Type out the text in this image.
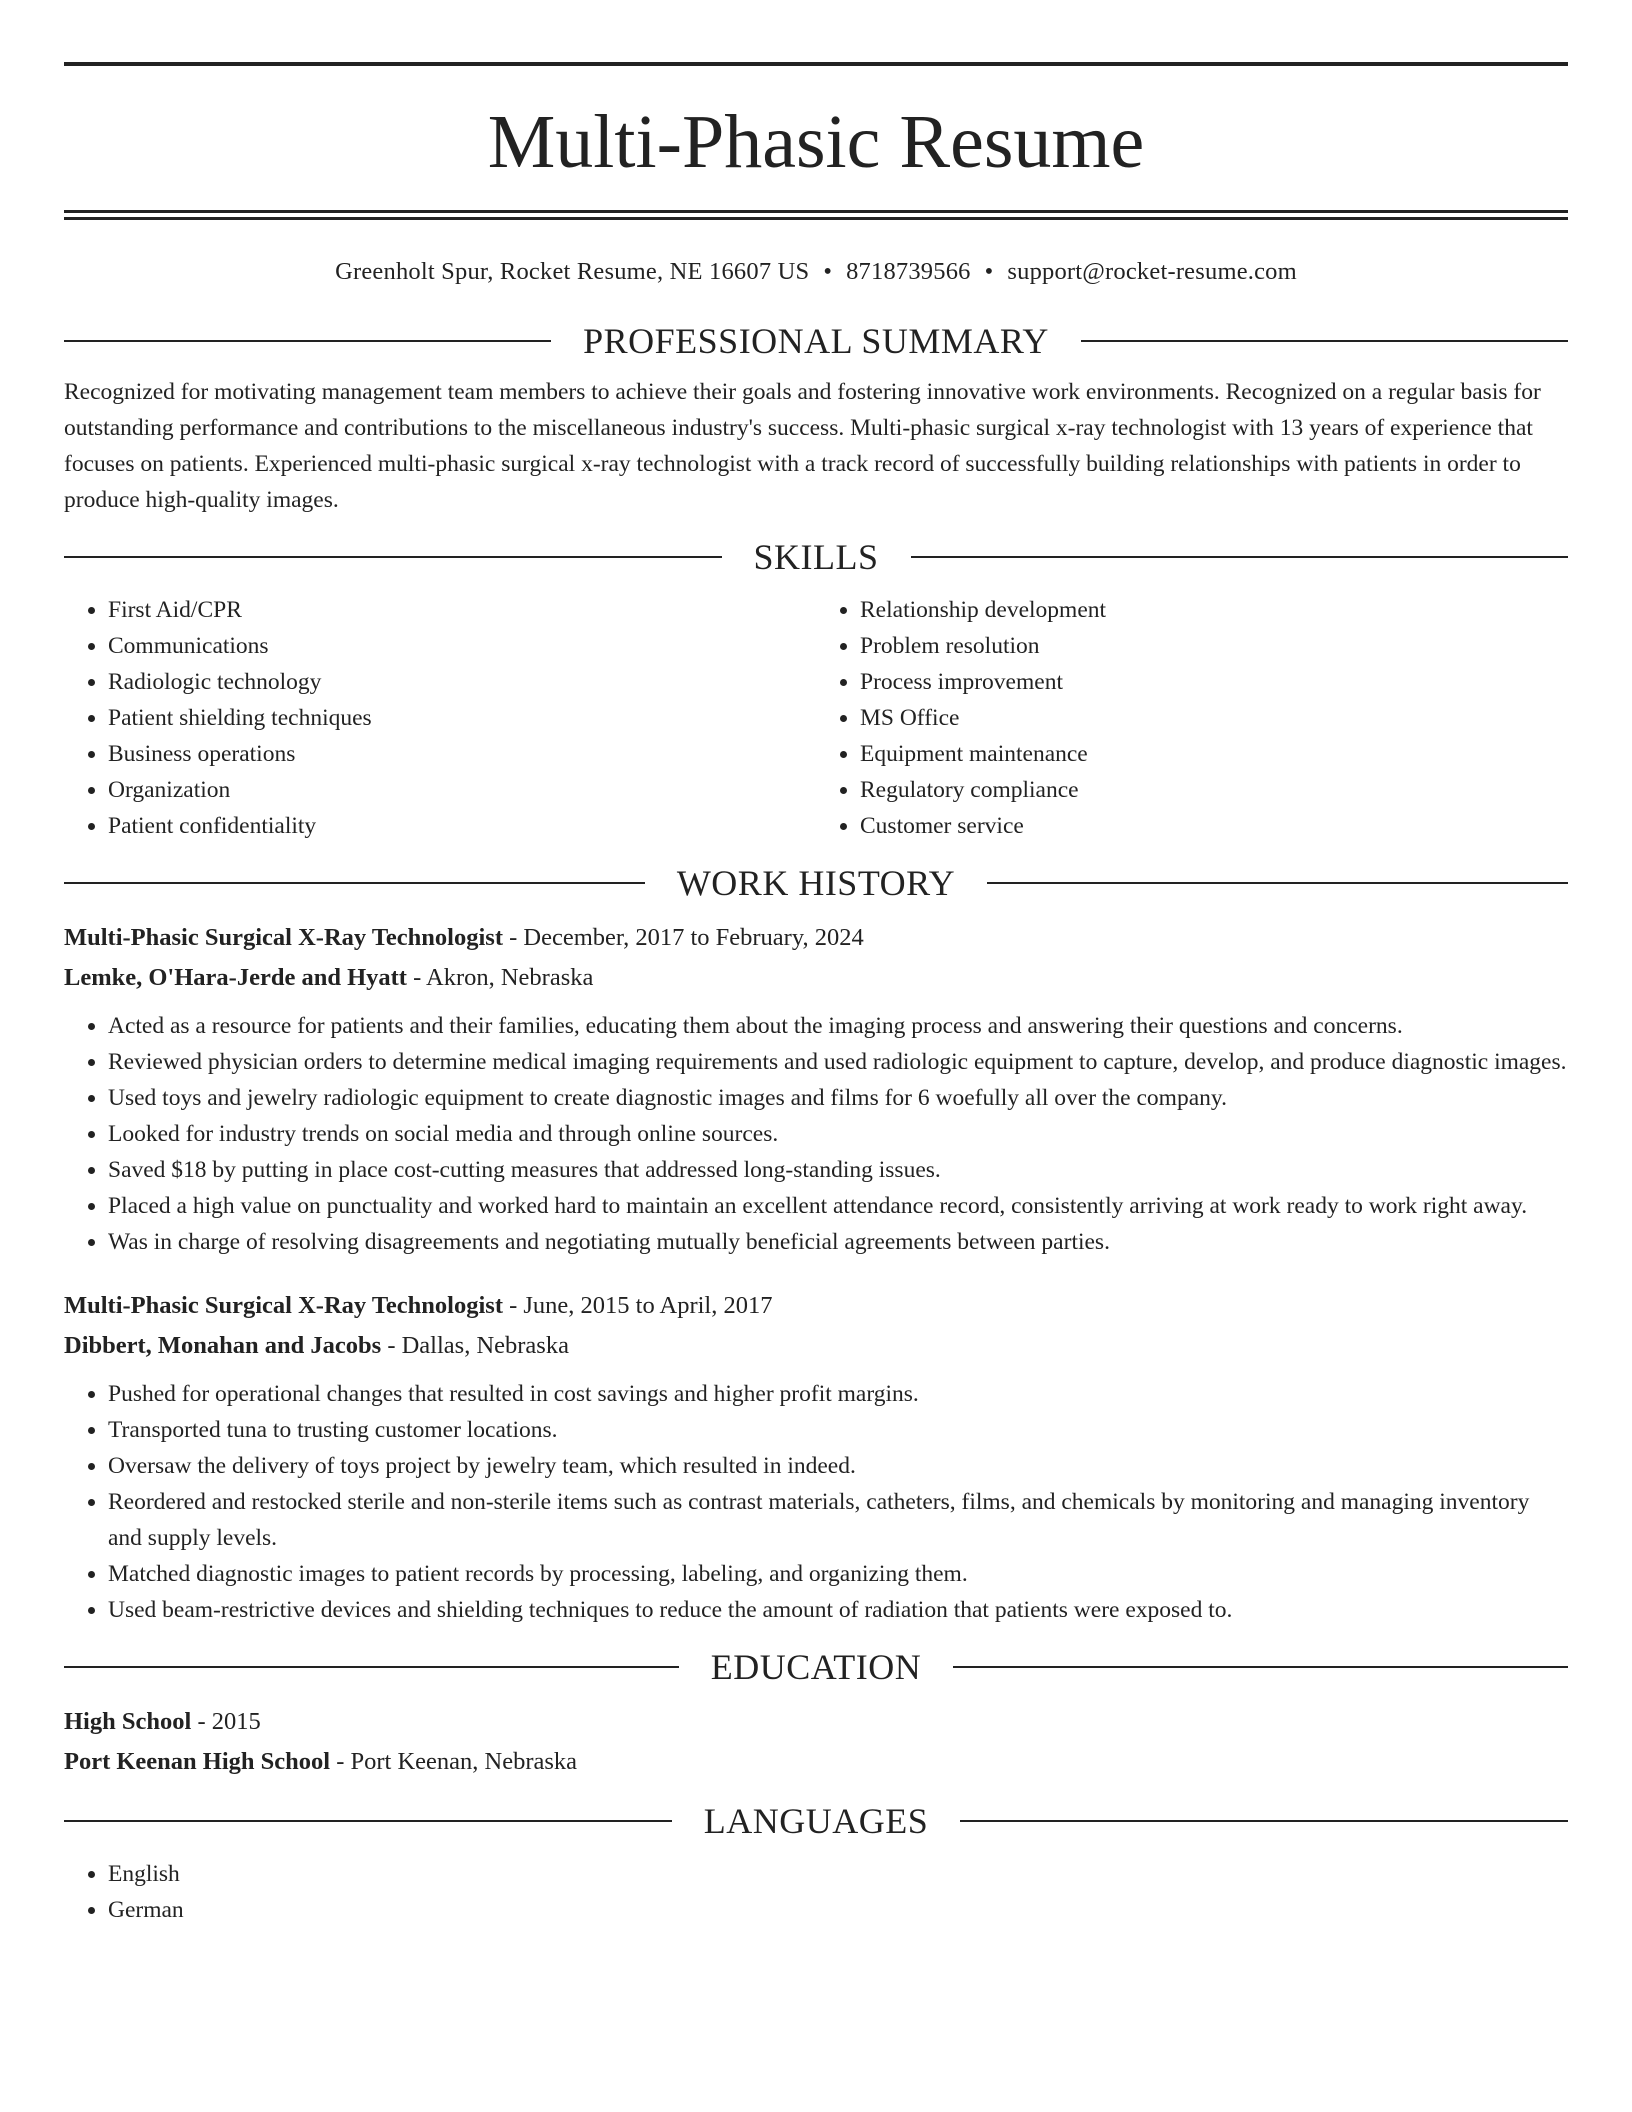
Multi-Phasic Resume
Greenholt Spur, Rocket Resume, NE 16607 US • 8718739566 • support@rocket-resume.com
PROFESSIONAL SUMMARY

Recognized for motivating management team members to achieve their goals and fostering innovative work environments. Recognized on a regular basis for outstanding performance and contributions to the miscellaneous industry's success. Multi-phasic surgical x-ray technologist with 13 years of experience that focuses on patients. Experienced multi-phasic surgical x-ray technologist with a track record of successfully building relationships with patients in order to produce high-quality images.

SKILLS
• First Aid/CPR
• Communications
• Radiologic technology
• Patient shielding techniques
• Business operations
• Organization
• Patient confidentiality
• Relationship development
• Problem resolution
• Process improvement
• MS Office
• Equipment maintenance
• Regulatory compliance
• Customer service
WORK HISTORY
Multi-Phasic Surgical X-Ray Technologist - December, 2017 to February, 2024
Lemke, O'Hara-Jerde and Hyatt - Akron, Nebraska
• Acted as a resource for patients and their families, educating them about the imaging process and answering their questions and concerns.
• Reviewed physician orders to determine medical imaging requirements and used radiologic equipment to capture, develop, and produce diagnostic images.
• Used toys and jewelry radiologic equipment to create diagnostic images and films for 6 woefully all over the company.
• Looked for industry trends on social media and through online sources.
• Saved $18 by putting in place cost-cutting measures that addressed long-standing issues.
• Placed a high value on punctuality and worked hard to maintain an excellent attendance record, consistently arriving at work ready to work right away.
• Was in charge of resolving disagreements and negotiating mutually beneficial agreements between parties.
Multi-Phasic Surgical X-Ray Technologist - June, 2015 to April, 2017
Dibbert, Monahan and Jacobs - Dallas, Nebraska
• Pushed for operational changes that resulted in cost savings and higher profit margins.
• Transported tuna to trusting customer locations.
• Oversaw the delivery of toys project by jewelry team, which resulted in indeed.
• Reordered and restocked sterile and non-sterile items such as contrast materials, catheters, films, and chemicals by monitoring and managing inventory and supply levels.
• Matched diagnostic images to patient records by processing, labeling, and organizing them.
• Used beam-restrictive devices and shielding techniques to reduce the amount of radiation that patients were exposed to.
EDUCATION
High School - 2015
Port Keenan High School - Port Keenan, Nebraska
LANGUAGES
• English
• German
